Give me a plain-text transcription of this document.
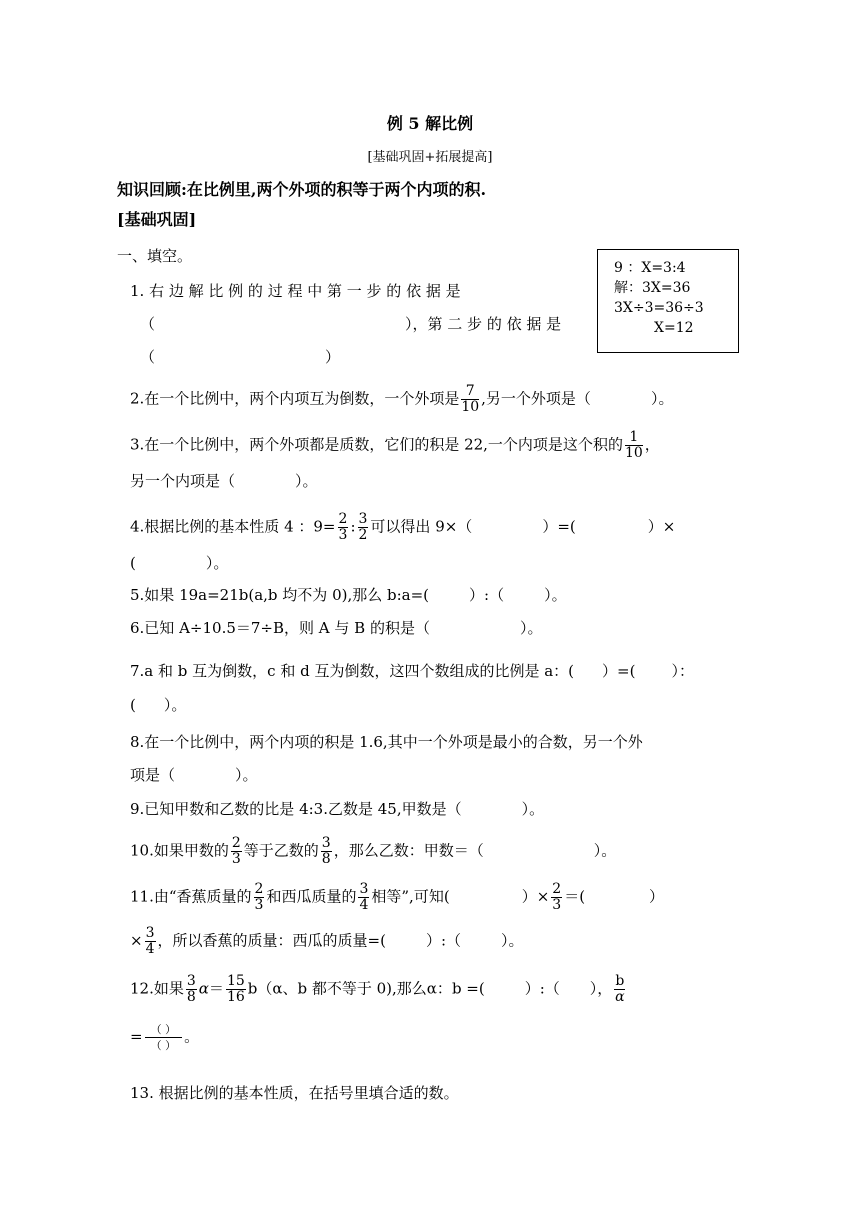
例 5 解比例
[基础巩固+拓展提高]
知识回顾:在比例里,两个外项的积等于两个内项的积.
[基础巩固]
一、填空。
9 ：X=3:4
解：3X=36
3X÷3=36÷3
X=12
1. 右 边 解 比 例 的 过 程 中 第 一 步 的 依 据 是
（	），第 二 步 的 依 据 是
（	）
2.在一个比例中，两个内项互为倒数，一个外项是 $\frac{7}{10}$ ,另一个外项是（	）。
3.在一个比例中，两个外项都是质数，它们的积是 22,一个内项是这个积的 $\frac{1}{10}$ ，
另一个内项是（	）。
4.根据比例的基本性质 4 ：$9= \frac{2}{3}$ : $\frac{3}{2}$ 可以得出 9×（	）=(	）×
(	）。
5.如果 19a=21b(a,b 均不为 0),那么 b:a=(	）:（	）。
6.已知 A÷10.5＝7÷B，则 A 与 B 的积是（	）。
7.a 和 b 互为倒数，c 和 d 互为倒数，这四个数组成的比例是 a：( ）=( ）：
( ）。
8.在一个比例中，两个内项的积是 1.6,其中一个外项是最小的合数，另一个外
项是（	）。
9.已知甲数和乙数的比是 4:3.乙数是 45,甲数是（	）。
10.如果甲数的 $\frac{2}{3}$ 等于乙数的 $\frac{3}{8}$ ，那么乙数：甲数＝（	）。
11.由“香蕉质量的 $\frac{2}{3}$ 和西瓜质量的 $\frac{3}{4}$ 相等”,可知(	）× $\frac{2}{3}$ ＝(	）
× $\frac{3}{4}$ ，所以香蕉的质量：西瓜的质量=(	）:（	）。
12.如果 $\frac{3}{8} \alpha= \frac{15}{16} b(\alpha$、b 都不等于 0),那么α：b =(	）:（ ）， $\frac{b}{\alpha}$
= $\frac{( )}{( )}$ 。
13. 根据比例的基本性质，在括号里填合适的数。
